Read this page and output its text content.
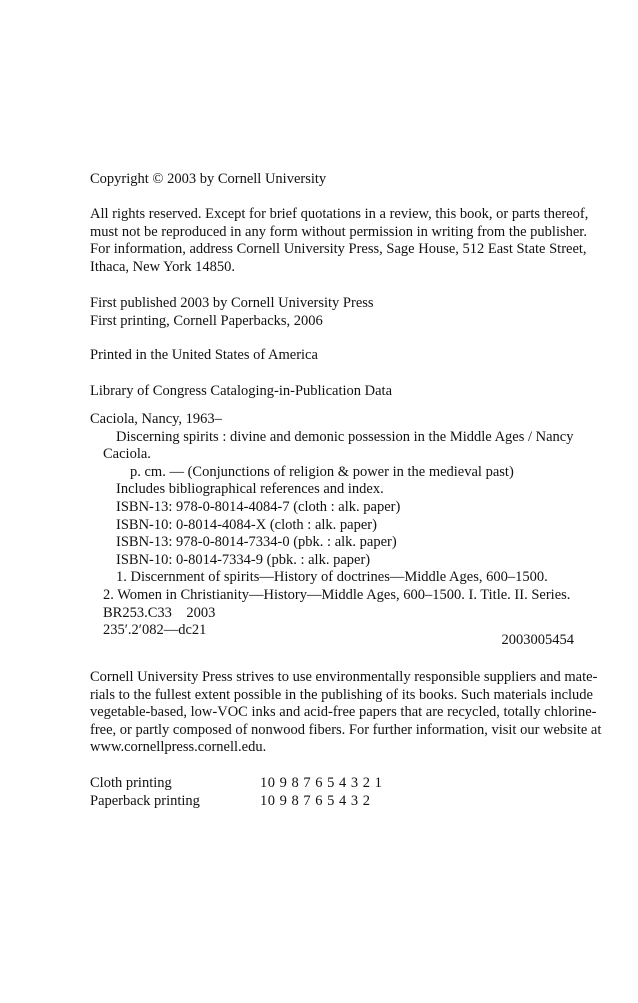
Copyright © 2003 by Cornell University

All rights reserved. Except for brief quotations in a review, this book, or parts thereof,
must not be reproduced in any form without permission in writing from the publisher.
For information, address Cornell University Press, Sage House, 512 East State Street,
Ithaca, New York 14850.
First published 2003 by Cornell University Press
First printing, Cornell Paperbacks, 2006

Printed in the United States of America

Library of Congress Cataloging-in-Publication Data

Caciola, Nancy, 1963–
Discerning spirits : divine and demonic possession in the Middle Ages / Nancy
Caciola.
p. cm. — (Conjunctions of religion & power in the medieval past)
Includes bibliographical references and index.
ISBN-13: 978-0-8014-4084-7 (cloth : alk. paper)
ISBN-10: 0-8014-4084-X (cloth : alk. paper)
ISBN-13: 978-0-8014-7334-0 (pbk. : alk. paper)
ISBN-10: 0-8014-7334-9 (pbk. : alk. paper)
1. Discernment of spirits—History of doctrines—Middle Ages, 600–1500.
2. Women in Christianity—History—Middle Ages, 600–1500. I. Title. II. Series.
BR253.C33    2003
235′.2′082—dc21

2003005454

Cornell University Press strives to use environmentally responsible suppliers and mate-
rials to the fullest extent possible in the publishing of its books. Such materials include
vegetable-based, low-VOC inks and acid-free papers that are recycled, totally chlorine-
free, or partly composed of nonwood fibers. For further information, visit our website at
www.cornellpress.cornell.edu.
Cloth printing	10 9 8 7 6 5 4 3 2 1
Paperback printing	10 9 8 7 6 5 4 3 2
